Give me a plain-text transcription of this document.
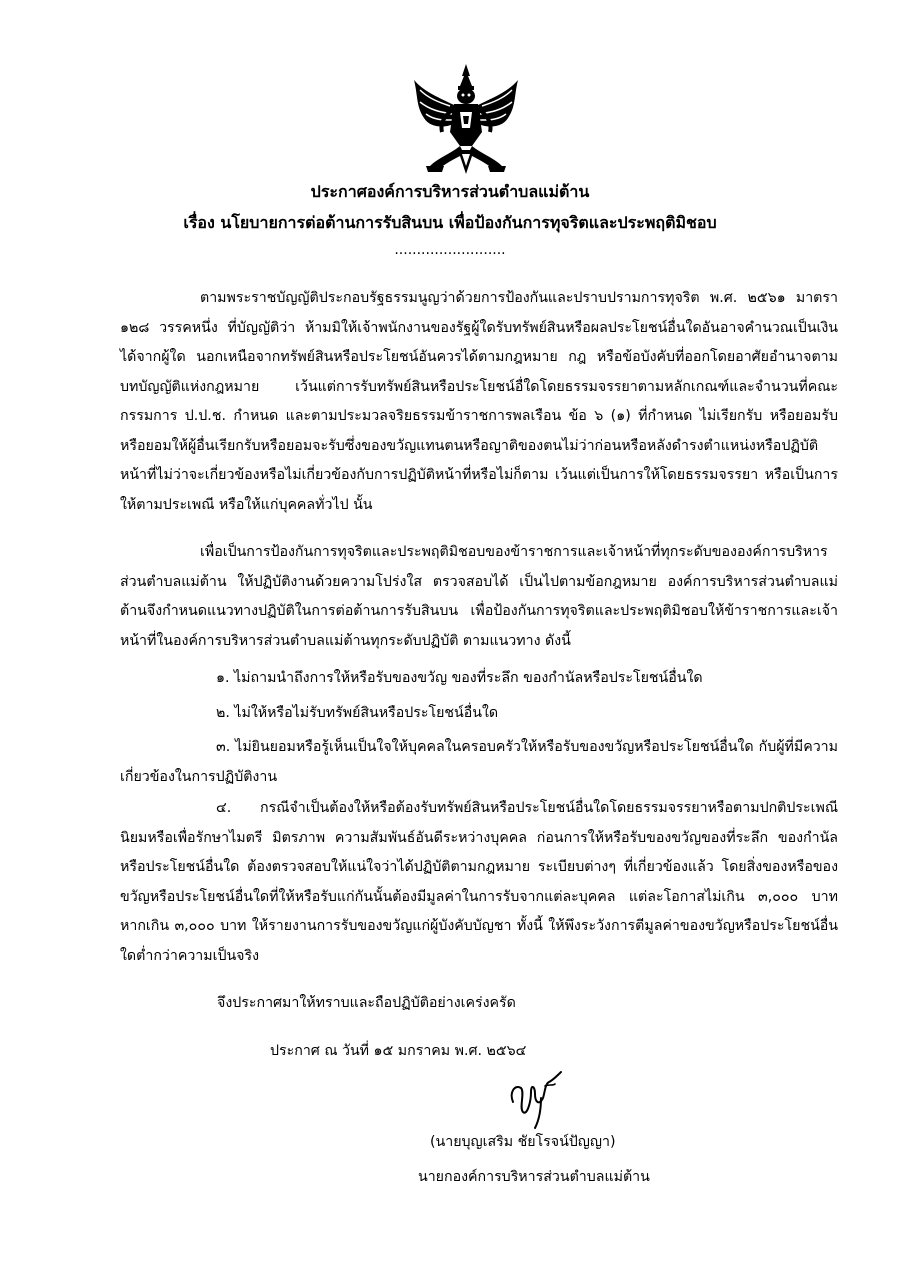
ประกาศองค์การบริหารส่วนตำบลแม่ต้าน
เรื่อง นโยบายการต่อต้านการรับสินบน เพื่อป้องกันการทุจริตและประพฤติมิชอบ
.........................

ตามพระราชบัญญัติประกอบรัฐธรรมนูญว่าด้วยการป้องกันและปราบปรามการทุจริต พ.ศ. ๒๕๖๑ มาตรา ๑๒๘ วรรคหนึ่ง ที่บัญญัติว่า ห้ามมิให้เจ้าพนักงานของรัฐผู้ใดรับทรัพย์สินหรือผลประโยชน์อื่นใดอันอาจคำนวณเป็นเงินได้จากผู้ใด นอกเหนือจากทรัพย์สินหรือประโยชน์อันควรได้ตามกฎหมาย กฎ หรือข้อบังคับที่ออกโดยอาศัยอำนาจตามบทบัญญัติแห่งกฎหมาย เว้นแต่การรับทรัพย์สินหรือประโยชน์อื่ใดโดยธรรมจรรยาตามหลักเกณฑ์และจำนวนที่คณะกรรมการ ป.ป.ช. กำหนด และตามประมวลจริยธรรมข้าราชการพลเรือน ข้อ ๖ (๑) ที่กำหนด ไม่เรียกรับ หรือยอมรับ หรือยอมให้ผู้อื่นเรียกรับหรือยอมจะรับซึ่งของขวัญแทนตนหรือญาติของตนไม่ว่าก่อนหรือหลังดำรงตำแหน่งหรือปฏิบัติหน้าที่ไม่ว่าจะเกี่ยวข้องหรือไม่เกี่ยวข้องกับการปฏิบัติหน้าที่หรือไม่ก็ตาม เว้นแต่เป็นการให้โดยธรรมจรรยา หรือเป็นการให้ตามประเพณี หรือให้แก่บุคคลทั่วไป นั้น

เพื่อเป็นการป้องกันการทุจริตและประพฤติมิชอบของข้าราชการและเจ้าหน้าที่ทุกระดับขององค์การบริหารส่วนตำบลแม่ต้าน ให้ปฏิบัติงานด้วยความโปร่งใส ตรวจสอบได้ เป็นไปตามข้อกฎหมาย องค์การบริหารส่วนตำบลแม่ต้านจึงกำหนดแนวทางปฏิบัติในการต่อต้านการรับสินบน เพื่อป้องกันการทุจริตและประพฤติมิชอบให้ข้าราชการและเจ้าหน้าที่ในองค์การบริหารส่วนตำบลแม่ต้านทุกระดับปฏิบัติ ตามแนวทาง ดังนี้

๑. ไม่ถามนำถึงการให้หรือรับของขวัญ ของที่ระลึก ของกำนัลหรือประโยชน์อื่นใด

๒. ไม่ให้หรือไม่รับทรัพย์สินหรือประโยชน์อื่นใด

๓. ไม่ยินยอมหรือรู้เห็นเป็นใจให้บุคคลในครอบครัวให้หรือรับของขวัญหรือประโยชน์อื่นใด กับผู้ที่มีความเกี่ยวข้องในการปฏิบัติงาน

๔. กรณีจำเป็นต้องให้หรือต้องรับทรัพย์สินหรือประโยชน์อื่นใดโดยธรรมจรรยาหรือตามปกติประเพณีนิยมหรือเพื่อรักษาไมตรี มิตรภาพ ความสัมพันธ์อันดีระหว่างบุคคล ก่อนการให้หรือรับของขวัญของที่ระลึก ของกำนัลหรือประโยชน์อื่นใด ต้องตรวจสอบให้แน่ใจว่าได้ปฏิบัติตามกฎหมาย ระเบียบต่างๆ ที่เกี่ยวข้องแล้ว โดยสิ่งของหรือของขวัญหรือประโยชน์อื่นใดที่ให้หรือรับแก่กันนั้นต้องมีมูลค่าในการรับจากแต่ละบุคคล แต่ละโอกาสไม่เกิน ๓,๐๐๐ บาท หากเกิน ๓,๐๐๐ บาท ให้รายงานการรับของขวัญแก่ผู้บังคับบัญชา ทั้งนี้ ให้พึงระวังการตีมูลค่าของขวัญหรือประโยชน์อื่นใดต่ำกว่าความเป็นจริง

จึงประกาศมาให้ทราบและถือปฏิบัติอย่างเคร่งครัด
ประกาศ ณ วันที่ ๑๕ มกราคม พ.ศ. ๒๕๖๔
(นายบุญเสริม ชัยโรจน์ปัญญา)
นายกองค์การบริหารส่วนตำบลแม่ต้าน
